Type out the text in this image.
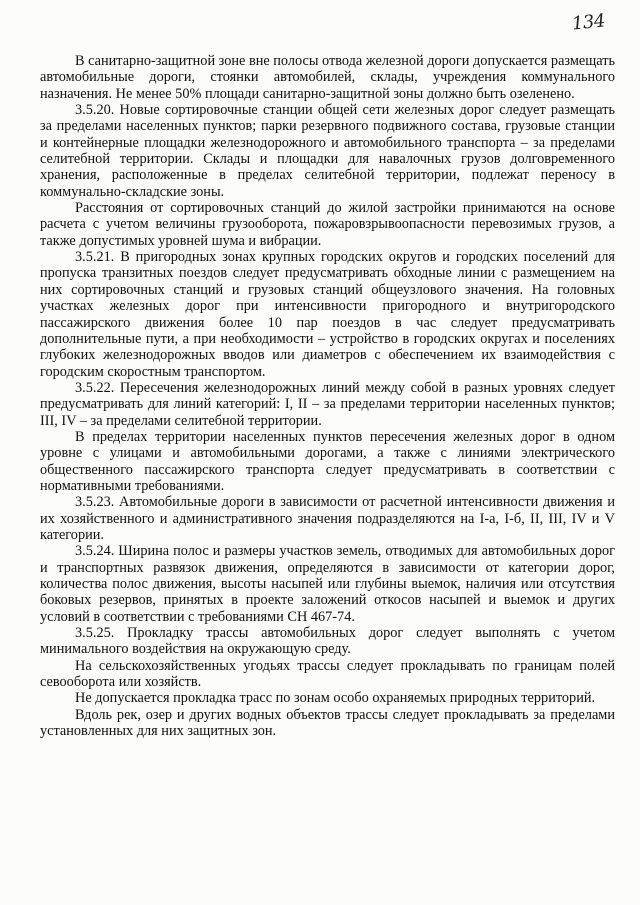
134

В санитарно-защитной зоне вне полосы отвода железной дороги допускается размещать автомобильные дороги, стоянки автомобилей, склады, учреждения коммунального назначения. Не менее 50% площади санитарно-защитной зоны должно быть озеленено.

3.5.20. Новые сортировочные станции общей сети железных дорог следует размещать за пределами населенных пунктов; парки резервного подвижного состава, грузовые станции и контейнерные площадки железнодорожного и автомобильного транспорта – за пределами селитебной территории. Склады и площадки для навалочных грузов долговременного хранения, расположенные в пределах селитебной территории, подлежат переносу в коммунально-складские зоны.

Расстояния от сортировочных станций до жилой застройки принимаются на основе расчета с учетом величины грузооборота, пожаровзрывоопасности перевозимых грузов, а также допустимых уровней шума и вибрации.

3.5.21. В пригородных зонах крупных городских округов и городских поселений для пропуска транзитных поездов следует предусматривать обходные линии с размещением на них сортировочных станций и грузовых станций общеузлового значения. На головных участках железных дорог при интенсивности пригородного и внутригородского пассажирского движения более 10 пар поездов в час следует предусматривать дополнительные пути, а при необходимости – устройство в городских округах и поселениях глубоких железнодорожных вводов или диаметров с обеспечением их взаимодействия с городским скоростным транспортом.

3.5.22. Пересечения железнодорожных линий между собой в разных уровнях следует предусматривать для линий категорий: I, II – за пределами территории населенных пунктов; III, IV – за пределами селитебной территории.

В пределах территории населенных пунктов пересечения железных дорог в одном уровне с улицами и автомобильными дорогами, а также с линиями электрического общественного пассажирского транспорта следует предусматривать в соответствии с нормативными требованиями.

3.5.23. Автомобильные дороги в зависимости от расчетной интенсивности движения и их хозяйственного и административного значения подразделяются на I-а, I-б, II, III, IV и V категории.

3.5.24. Ширина полос и размеры участков земель, отводимых для автомобильных дорог и транспортных развязок движения, определяются в зависимости от категории дорог, количества полос движения, высоты насыпей или глубины выемок, наличия или отсутствия боковых резервов, принятых в проекте заложений откосов насыпей и выемок и других условий в соответствии с требованиями СН 467-74.

3.5.25. Прокладку трассы автомобильных дорог следует выполнять с учетом минимального воздействия на окружающую среду.

На сельскохозяйственных угодьях трассы следует прокладывать по границам полей севооборота или хозяйств.

Не допускается прокладка трасс по зонам особо охраняемых природных территорий.

Вдоль рек, озер и других водных объектов трассы следует прокладывать за пределами установленных для них защитных зон.
